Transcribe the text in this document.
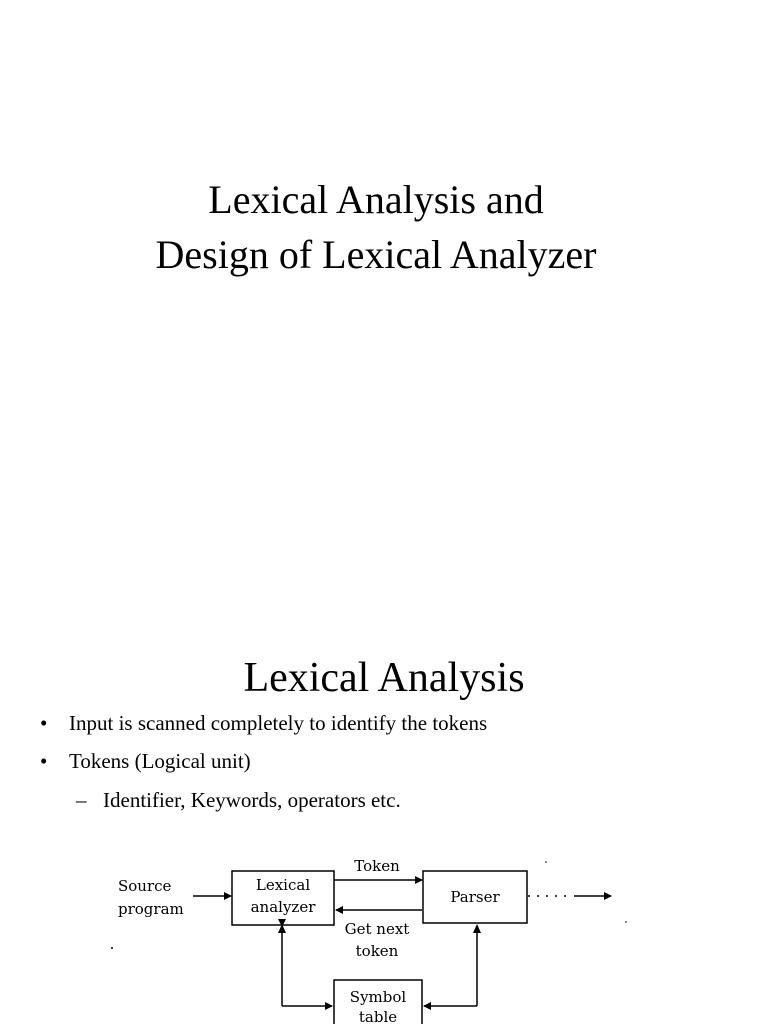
Lexical Analysis and
Design of Lexical Analyzer
Lexical Analysis
• Input is scanned completely to identify the tokens
• Tokens (Logical unit)
– Identifier, Keywords, operators etc.
Source
program
Lexical
analyzer
Token
Get next
token
Parser
Symbol
table
